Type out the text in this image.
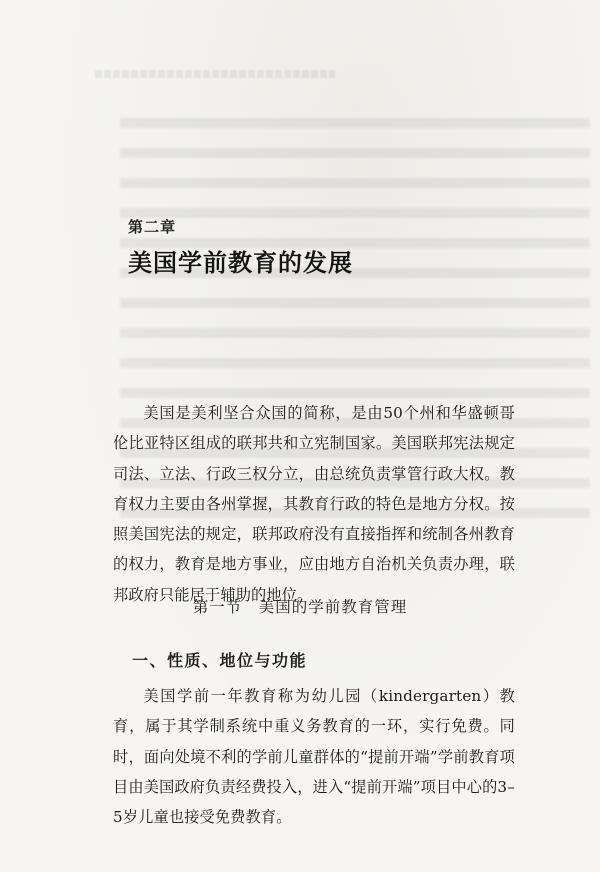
第二章
美国学前教育的发展

美国是美利坚合众国的简称，是由50个州和华盛顿哥伦比亚特区组成的联邦共和立宪制国家。美国联邦宪法规定司法、立法、行政三权分立，由总统负责掌管行政大权。教育权力主要由各州掌握，其教育行政的特色是地方分权。按照美国宪法的规定，联邦政府没有直接指挥和统制各州教育的权力，教育是地方事业，应由地方自治机关负责办理，联邦政府只能居于辅助的地位。

第一节　美国的学前教育管理
一、性质、地位与功能

美国学前一年教育称为幼儿园（kindergarten）教育，属于其学制系统中重义务教育的一环，实行免费。同时，面向处境不利的学前儿童群体的“提前开端”学前教育项目由美国政府负责经费投入，进入“提前开端”项目中心的3–5岁儿童也接受免费教育。
